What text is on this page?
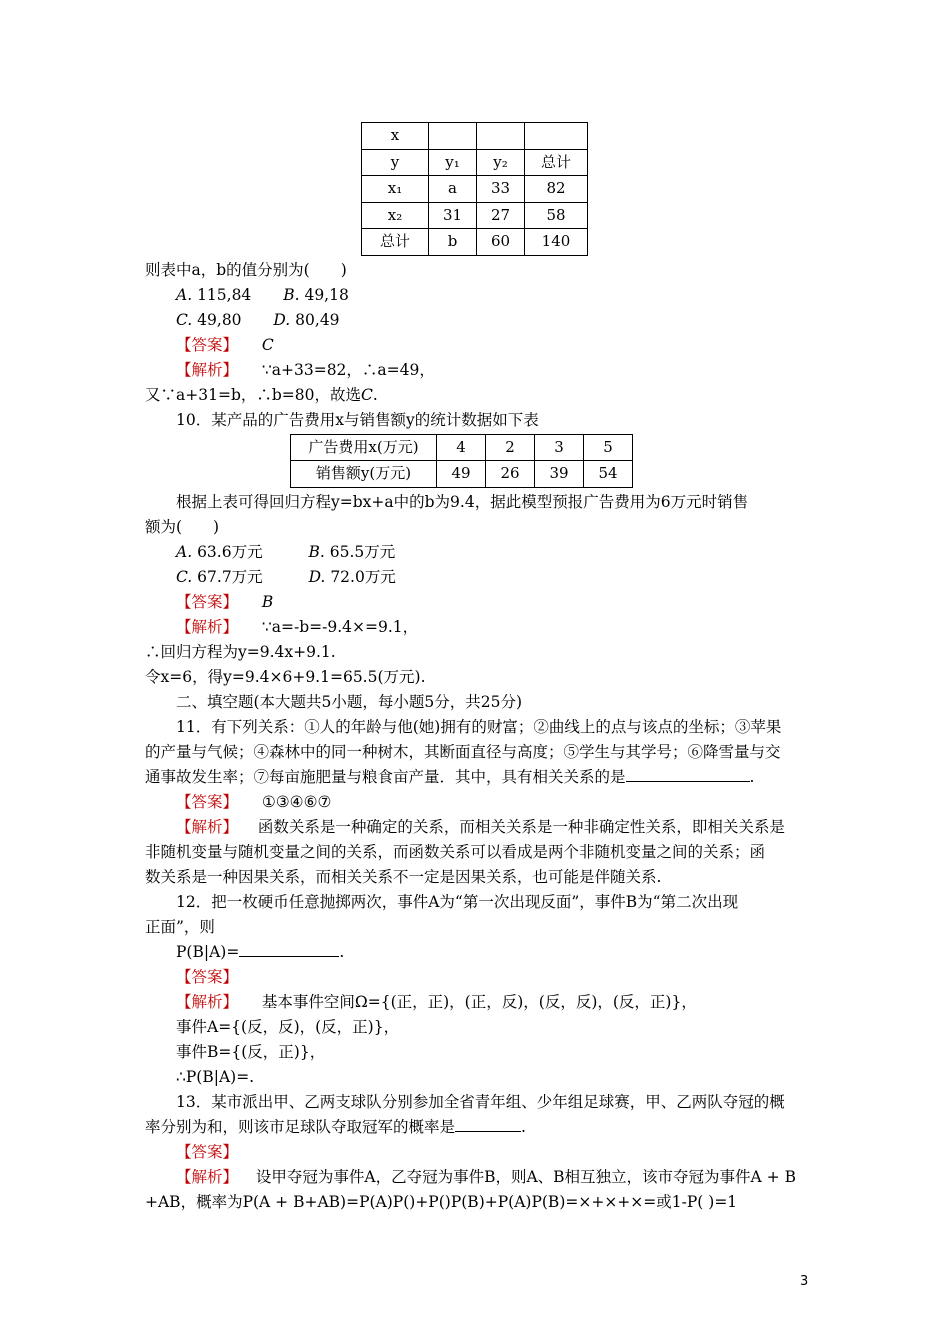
x			
y	y₁	y₂	总计
x₁	a	33	82
x₂	31	27	58
总计	b	60	140
则表中a，b的值分别为(　　)
A. 115,84 B. 49,18
C. 49,80 D. 80,49
【答案】 C
【解析】 ∵a+33=82，∴a=49，
又∵a+31=b，∴b=80，故选C.
10．某产品的广告费用x与销售额y的统计数据如下表
广告费用x(万元)	4	2	3	5
销售额y(万元)	49	26	39	54
根据上表可得回归方程y=bx+a中的b为9.4，据此模型预报广告费用为6万元时销售
额为(　　)
A. 63.6万元	B. 65.5万元
C. 67.7万元	D. 72.0万元
【答案】 B
【解析】 ∵a=-b=-9.4×=9.1，
∴回归方程为y=9.4x+9.1.
令x=6，得y=9.4×6+9.1=65.5(万元).
二、填空题(本大题共5小题，每小题5分，共25分)
11．有下列关系：①人的年龄与他(她)拥有的财富；②曲线上的点与该点的坐标；③苹果
的产量与气候；④森林中的同一种树木，其断面直径与高度；⑤学生与其学号；⑥降雪量与交
通事故发生率；⑦每亩施肥量与粮食亩产量．其中，具有相关关系的是	.
【答案】 ①③④⑥⑦
【解析】 函数关系是一种确定的关系，而相关关系是一种非确定性关系，即相关关系是
非随机变量与随机变量之间的关系，而函数关系可以看成是两个非随机变量之间的关系；函
数关系是一种因果关系，而相关关系不一定是因果关系，也可能是伴随关系.
12．把一枚硬币任意抛掷两次，事件A为“第一次出现反面”，事件B为“第二次出现
正面”，则
P(B|A)=	.
【答案】
【解析】 基本事件空间Ω={(正，正)，(正，反)，(反，反)，(反，正)}，
事件A={(反，反)，(反，正)}，
事件B={(反，正)}，
∴P(B|A)=.
13．某市派出甲、乙两支球队分别参加全省青年组、少年组足球赛，甲、乙两队夺冠的概
率分别为和，则该市足球队夺取冠军的概率是	.
【答案】
【解析】 设甲夺冠为事件A，乙夺冠为事件B，则A、B相互独立，该市夺冠为事件A + B
+AB，概率为P(A + B+AB)=P(A)P()+P()P(B)+P(A)P(B)=×+×+×=或1-P( )=1
3
